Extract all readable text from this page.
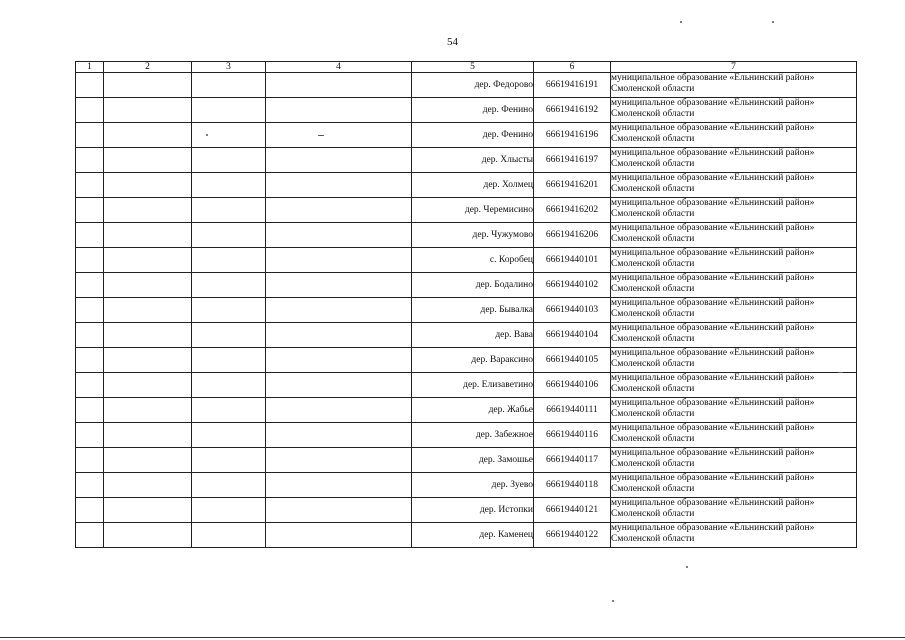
54
1	2	3	4	5	6	7
				дер. Федорово	66619416191	муниципальное образование «Ельнинский район»
Смоленской области

				дер. Фенино	66619416192	муниципальное образование «Ельнинский район»
Смоленской области

				дер. Фенино	66619416196	муниципальное образование «Ельнинский район»
Смоленской области

				дер. Хлысты	66619416197	муниципальное образование «Ельнинский район»
Смоленской области

				дер. Холмец	66619416201	муниципальное образование «Ельнинский район»
Смоленской области

				дер. Черемисино	66619416202	муниципальное образование «Ельнинский район»
Смоленской области

				дер. Чужумово	66619416206	муниципальное образование «Ельнинский район»
Смоленской области

				с. Коробец	66619440101	муниципальное образование «Ельнинский район»
Смоленской области

				дер. Бодалино	66619440102	муниципальное образование «Ельнинский район»
Смоленской области

				дер. Бывалка	66619440103	муниципальное образование «Ельнинский район»
Смоленской области

				дер. Вава	66619440104	муниципальное образование «Ельнинский район»
Смоленской области

				дер. Вараксино	66619440105	муниципальное образование «Ельнинский район»
Смоленской области

				дер. Елизаветино	66619440106	муниципальное образование «Ельнинский район»
Смоленской области

				дер. Жабье	66619440111	муниципальное образование «Ельнинский район»
Смоленской области

				дер. Забежное	66619440116	муниципальное образование «Ельнинский район»
Смоленской области

				дер. Замошье	66619440117	муниципальное образование «Ельнинский район»
Смоленской области

				дер. Зуево	66619440118	муниципальное образование «Ельнинский район»
Смоленской области

				дер. Истопки	66619440121	муниципальное образование «Ельнинский район»
Смоленской области

				дер. Каменец	66619440122	муниципальное образование «Ельнинский район»
Смоленской области
